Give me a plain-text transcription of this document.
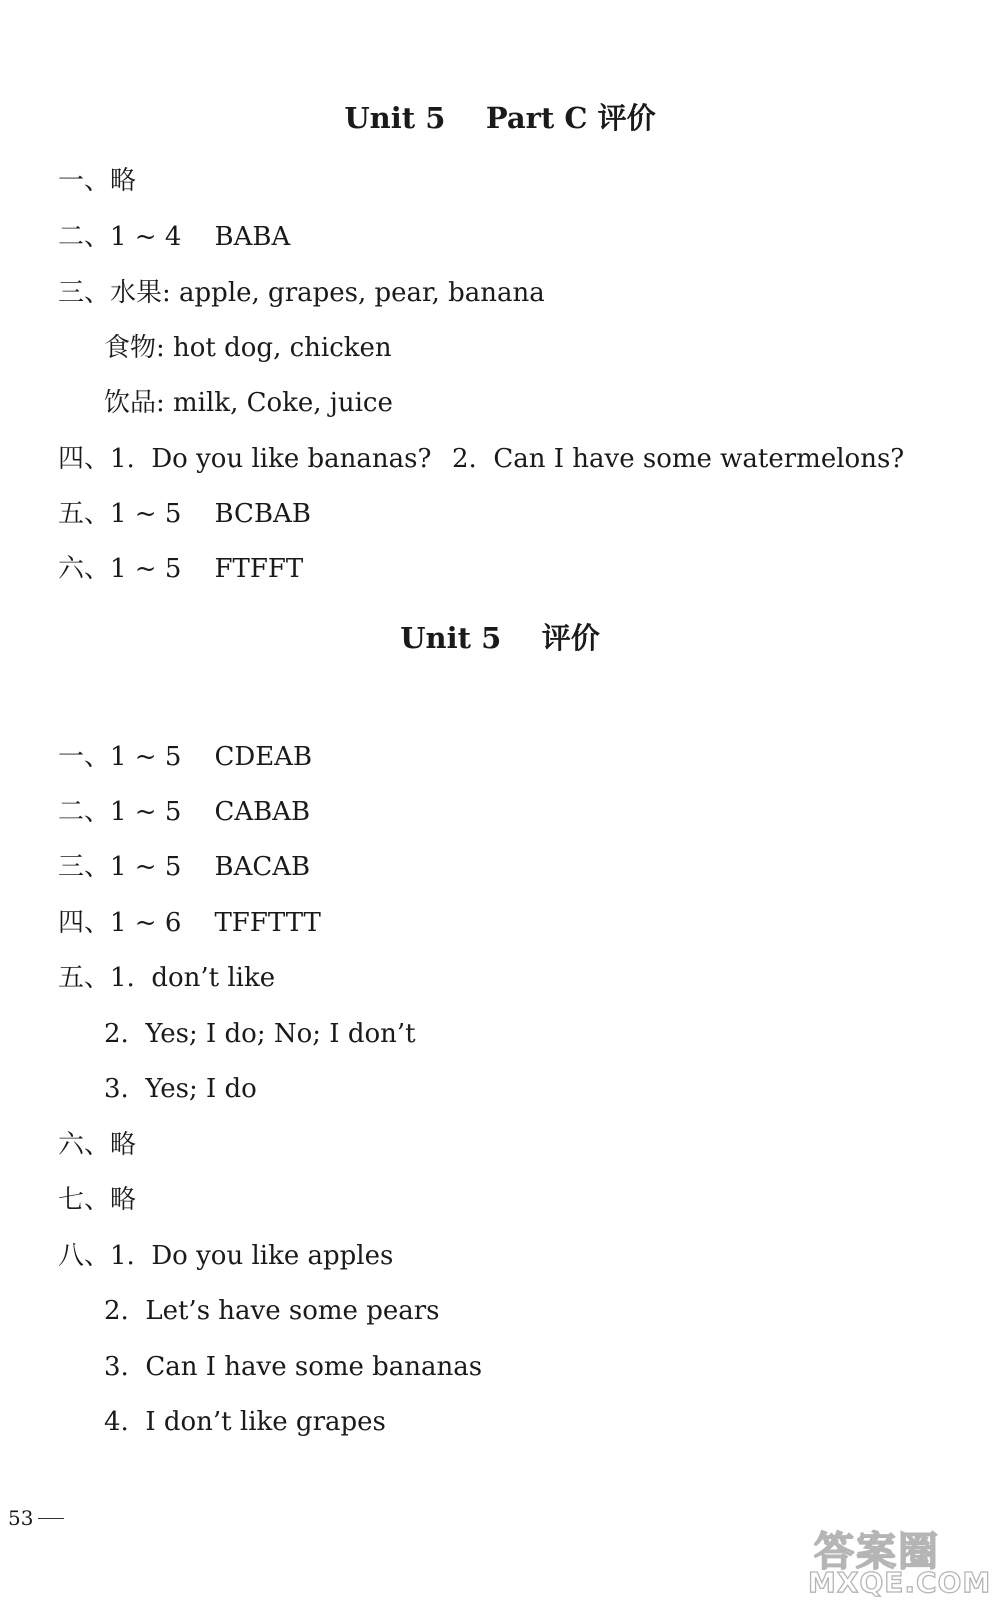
Unit 5    Part C 评价
一、略
二、1 ~ 4    BABA
三、水果: apple, grapes, pear, banana
食物: hot dog, chicken
饮品: milk, Coke, juice
四、1.  Do you like bananas? 2.  Can I have some watermelons?
五、1 ~ 5    BCBAB
六、1 ~ 5    FTFFT
Unit 5    评价
一、1 ~ 5    CDEAB
二、1 ~ 5    CABAB
三、1 ~ 5    BACAB
四、1 ~ 6    TFFTTT
五、1.  don’t like
2.  Yes; I do; No; I don’t
3.  Yes; I do
六、略
七、略
八、1.  Do you like apples
2.  Let’s have some pears
3.  Can I have some bananas
4.  I don’t like grapes
53
答案圈
MXQE.COM
